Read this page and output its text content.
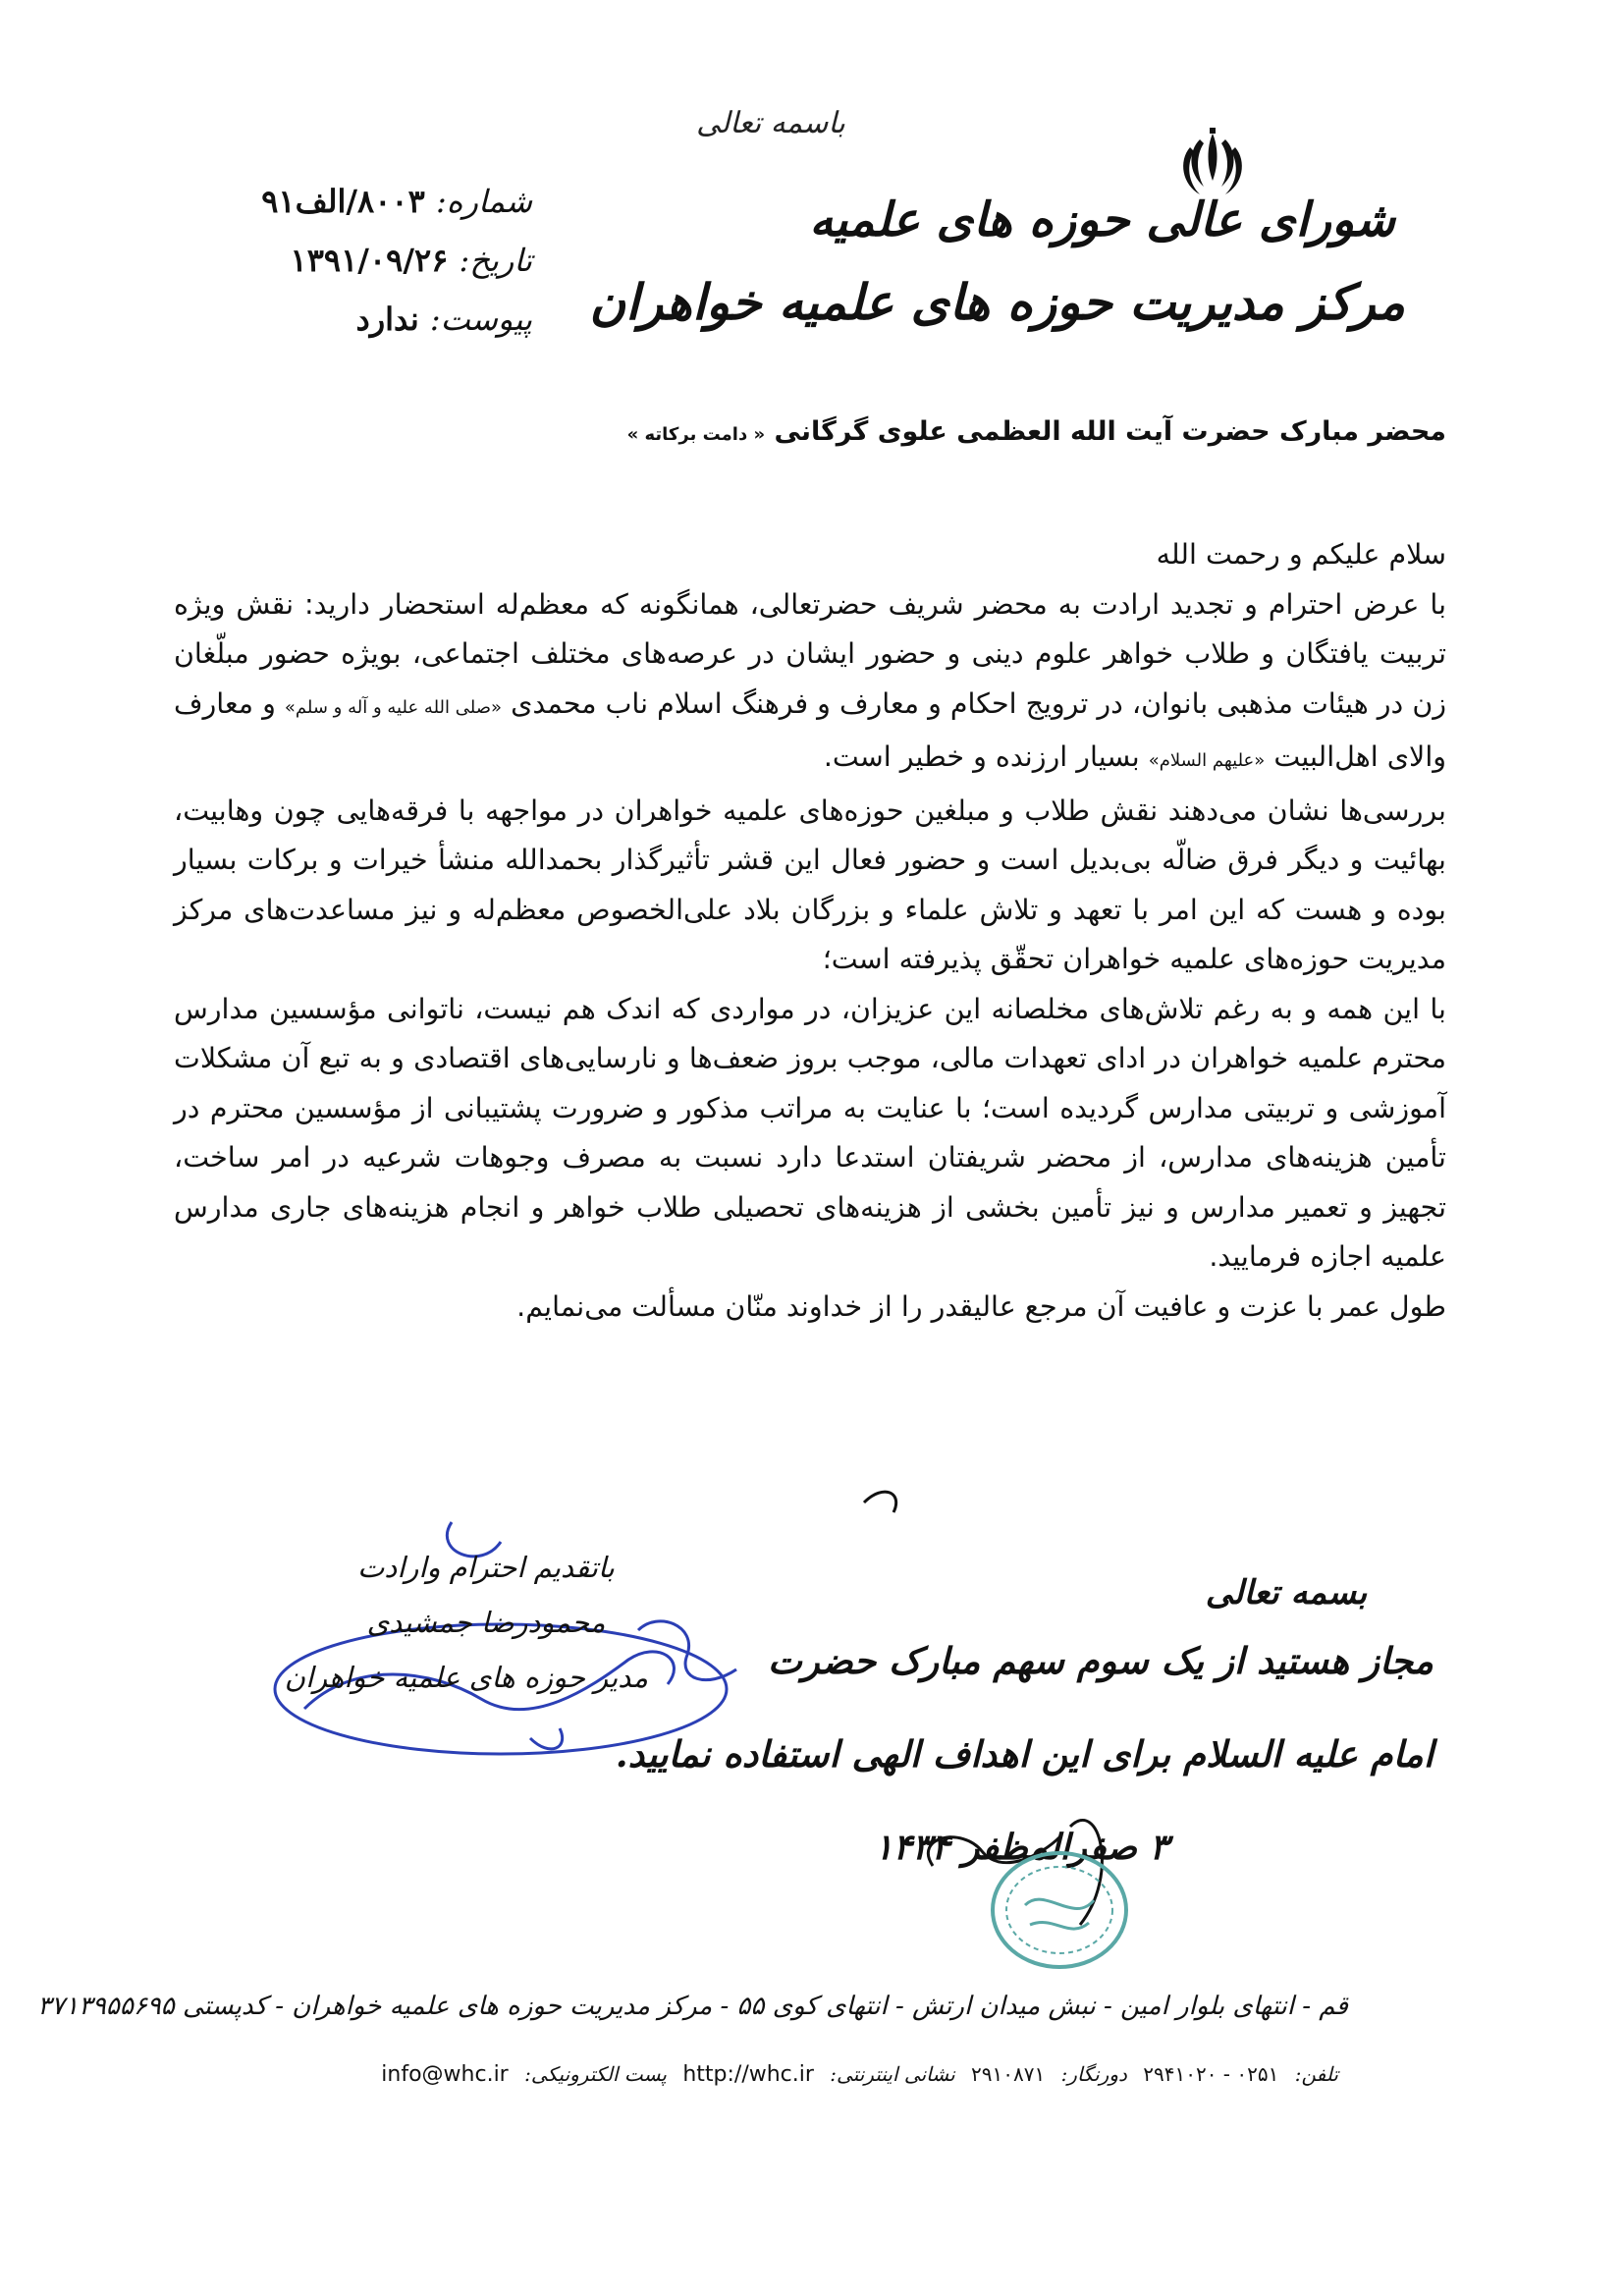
باسمه تعالی
شورای عالی حوزه های علمیه
مرکز مدیریت حوزه های علمیه خواهران
شماره: ۸۰۰۳/الف۹۱
تاریخ: ۱۳۹۱/۰۹/۲۶
پیوست: ندارد
محضر مبارک حضرت آیت الله العظمی علوی گرگانی « دامت برکاته »

سلام علیکم و رحمت الله

با عرض احترام و تجدید ارادت به محضر شریف حضرتعالی، همانگونه که معظم‌له استحضار دارید: نقش ویژه تربیت یافتگان و طلاب خواهر علوم دینی و حضور ایشان در عرصه‌های مختلف اجتماعی، بویژه حضور مبلّغان زن در هیئات مذهبی بانوان، در ترویج احکام و معارف و فرهنگ اسلام ناب محمدی «صلی الله علیه و آله و سلم» و معارف والای اهل‌البیت «علیهم السلام» بسیار ارزنده و خطیر است.

بررسی‌ها نشان می‌دهند نقش طلاب و مبلغین حوزه‌های علمیه خواهران در مواجهه با فرقه‌هایی چون وهابیت، بهائیت و دیگر فرق ضالّه بی‌بدیل است و حضور فعال این قشر تأثیرگذار بحمدالله منشأ خیرات و برکات بسیار بوده و هست که این امر با تعهد و تلاش علماء و بزرگان بلاد علی‌الخصوص معظم‌له و نیز مساعدت‌های مرکز مدیریت حوزه‌های علمیه خواهران تحقّق پذیرفته است؛

با این همه و به رغم تلاش‌های مخلصانه این عزیزان، در مواردی که اندک هم نیست، ناتوانی مؤسسین مدارس محترم علمیه خواهران در ادای تعهدات مالی، موجب بروز ضعف‌ها و نارسایی‌های اقتصادی و به تبع آن مشکلات آموزشی و تربیتی مدارس گردیده است؛ با عنایت به مراتب مذکور و ضرورت پشتیبانی از مؤسسین محترم در تأمین هزینه‌های مدارس، از محضر شریفتان استدعا دارد نسبت به مصرف وجوهات شرعیه در امر ساخت، تجهیز و تعمیر مدارس و نیز تأمین بخشی از هزینه‌های تحصیلی طلاب خواهر و انجام هزینه‌های جاری مدارس علمیه اجازه فرمایید.

طول عمر با عزت و عافیت آن مرجع عالیقدر را از خداوند منّان مسألت می‌نمایم.

باتقدیم احترام وارادت
محمودرضا جمشیدی
مدیر حوزه های علمیه خواهران
بسمه تعالی
مجاز هستید از یک سوم سهم مبارک حضرت
امام علیه السلام برای این اهداف الهی استفاده نمایید.
۳ صفرالمظفر ۱۴۳۴
قم - انتهای بلوار امین - نبش میدان ارتش - انتهای کوی ۵۵ - مرکز مدیریت حوزه های علمیه خواهران - کدپستی ۳۷۱۳۹۵۵۶۹۵
تلفن: ۰۲۵۱ - ۲۹۴۱۰۲۰ دورنگار: ۲۹۱۰۸۷۱ نشانی اینترنتی: http://whc.ir پست الکترونیکی: info@whc.ir
